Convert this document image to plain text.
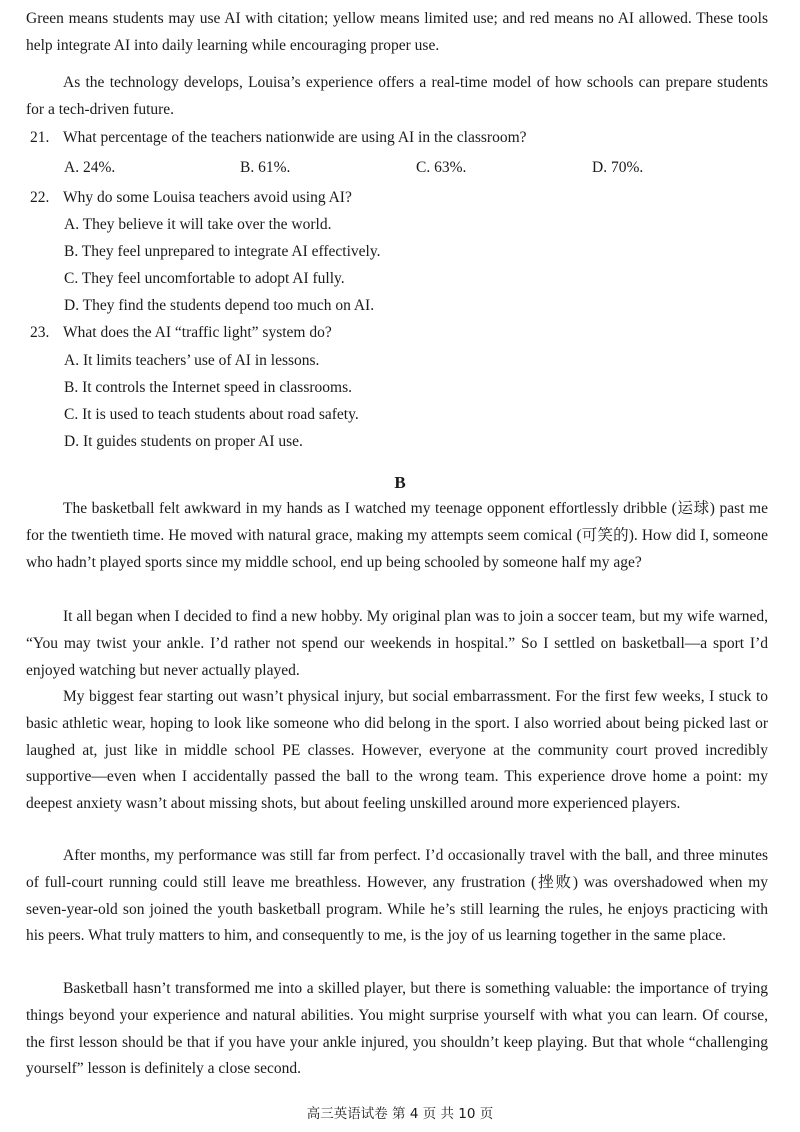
Green means students may use AI with citation; yellow means limited use; and red means no AI allowed. These tools help integrate AI into daily learning while encouraging proper use.

As the technology develops, Louisa’s experience offers a real-time model of how schools can prepare students for a tech-driven future.

21. What percentage of the teachers nationwide are using AI in the classroom?
A. 24%.	B. 61%.	C. 63%.	D. 70%.
22. Why do some Louisa teachers avoid using AI?

A. They believe it will take over the world.

B. They feel unprepared to integrate AI effectively.

C. They feel uncomfortable to adopt AI fully.

D. They find the students depend too much on AI.

23. What does the AI “traffic light” system do?

A. It limits teachers’ use of AI in lessons.

B. It controls the Internet speed in classrooms.

C. It is used to teach students about road safety.

D. It guides students on proper AI use.

B

The basketball felt awkward in my hands as I watched my teenage opponent effortlessly dribble (运球) past me for the twentieth time. He moved with natural grace, making my attempts seem comical (可笑的). How did I, someone who hadn’t played sports since my middle school, end up being schooled by someone half my age?

It all began when I decided to find a new hobby. My original plan was to join a soccer team, but my wife warned, “You may twist your ankle. I’d rather not spend our weekends in hospital.” So I settled on basketball—a sport I’d enjoyed watching but never actually played.

My biggest fear starting out wasn’t physical injury, but social embarrassment. For the first few weeks, I stuck to basic athletic wear, hoping to look like someone who did belong in the sport. I also worried about being picked last or laughed at, just like in middle school PE classes. However, everyone at the community court proved incredibly supportive—even when I accidentally passed the ball to the wrong team. This experience drove home a point: my deepest anxiety wasn’t about missing shots, but about feeling unskilled around more experienced players.

After months, my performance was still far from perfect. I’d occasionally travel with the ball, and three minutes of full-court running could still leave me breathless. However, any frustration (挫败) was overshadowed when my seven-year-old son joined the youth basketball program. While he’s still learning the rules, he enjoys practicing with his peers. What truly matters to him, and consequently to me, is the joy of us learning together in the same place.

Basketball hasn’t transformed me into a skilled player, but there is something valuable: the importance of trying things beyond your experience and natural abilities. You might surprise yourself with what you can learn. Of course, the first lesson should be that if you have your ankle injured, you shouldn’t keep playing. But that whole “challenging yourself” lesson is definitely a close second.

高三英语试卷 第 4 页 共 10 页
